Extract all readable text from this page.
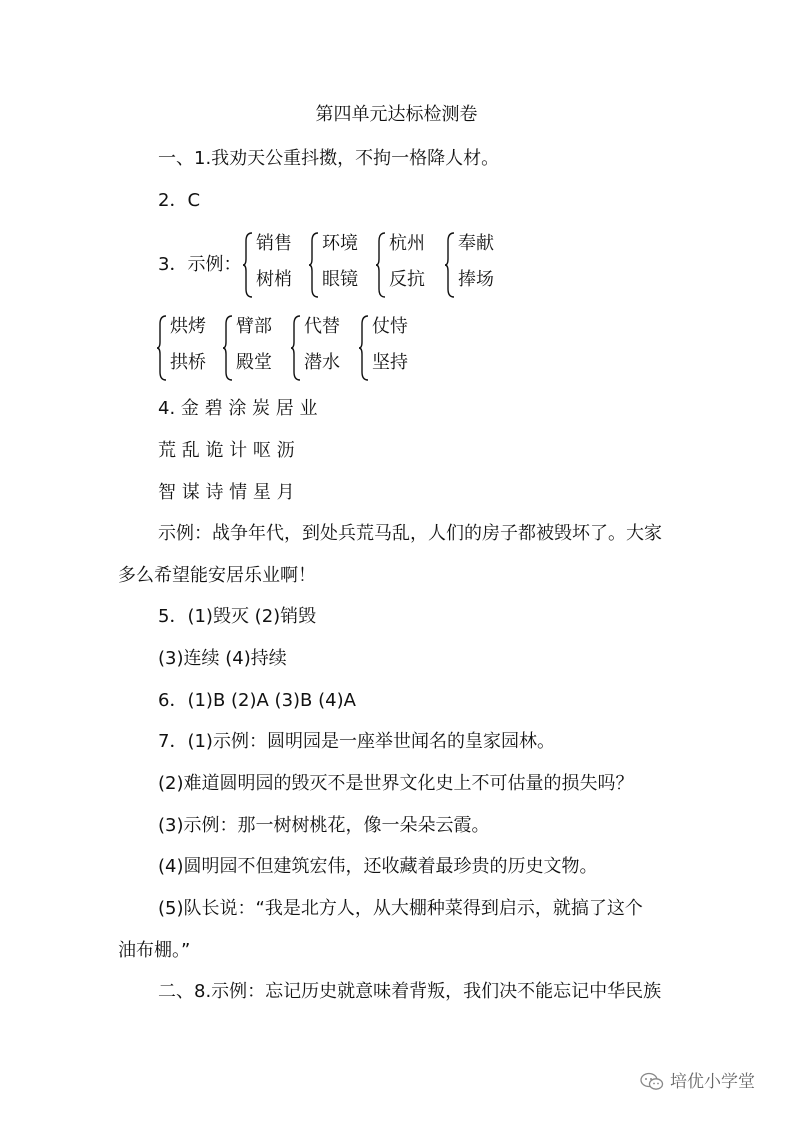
第四单元达标检测卷
一、1.我劝天公重抖擞，不拘一格降人材。
2．C
3．示例：
销售
树梢
环境
眼镜
杭州
反抗
奉献
捧场
烘烤
拱桥
臂部
殿堂
代替
潜水
仗恃
坚持
4. 金 碧 涂 炭 居 业
荒 乱 诡 计 呕 沥
智 谋 诗 情 星 月
示例：战争年代，到处兵荒马乱，人们的房子都被毁坏了。大家
多么希望能安居乐业啊！
5．(1)毁灭 (2)销毁
(3)连续 (4)持续
6．(1)B (2)A (3)B (4)A
7．(1)示例：圆明园是一座举世闻名的皇家园林。
(2)难道圆明园的毁灭不是世界文化史上不可估量的损失吗？
(3)示例：那一树树桃花，像一朵朵云霞。
(4)圆明园不但建筑宏伟，还收藏着最珍贵的历史文物。
(5)队长说：“我是北方人，从大棚种菜得到启示，就搞了这个
油布棚。”
二、8.示例：忘记历史就意味着背叛，我们决不能忘记中华民族
培优小学堂
